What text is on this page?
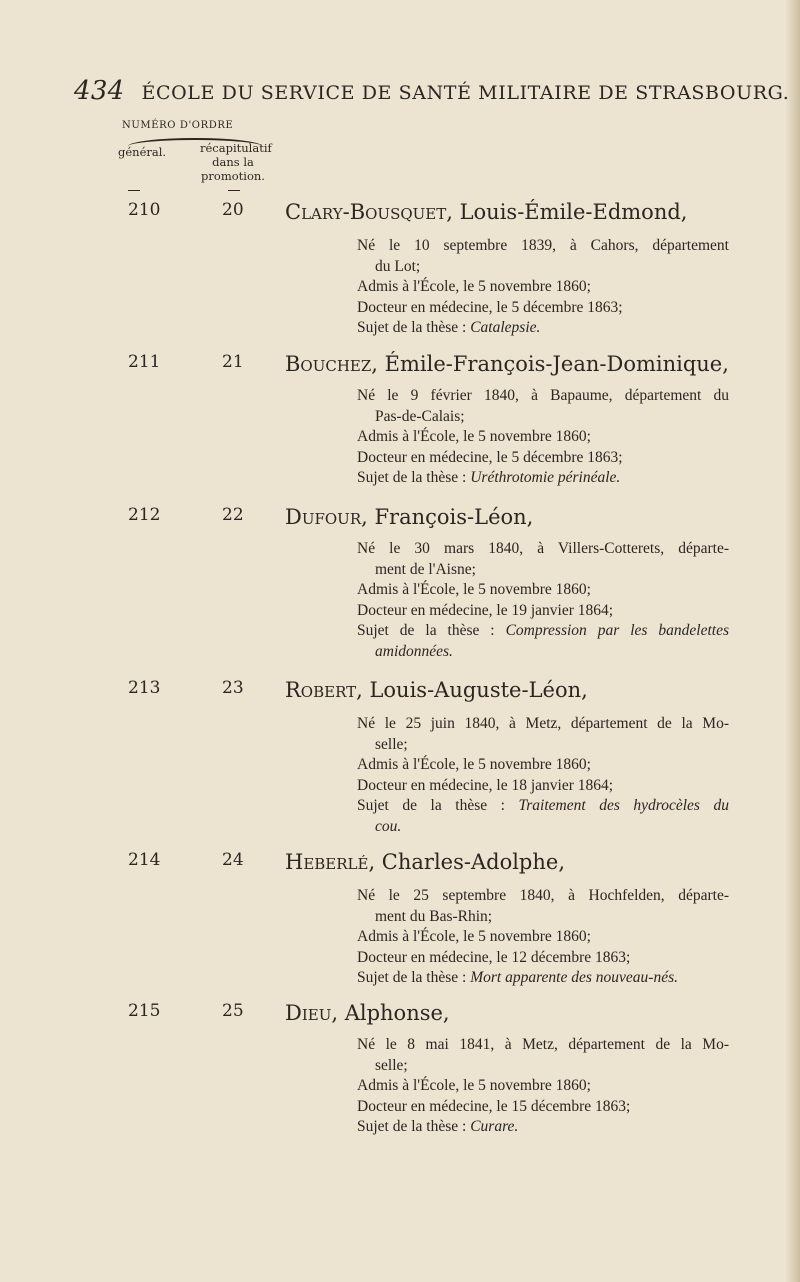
434 ÉCOLE DU SERVICE DE SANTÉ MILITAIRE DE STRASBOURG.
NUMÉRO D'ORDRE
général.	récapitulatif
dans la
promotion.
210	20 Clary-Bousquet, Louis-Émile-Edmond,
Né le 10 septembre 1839, à Cahors, département
du Lot;
Admis à l'École, le 5 novembre 1860;
Docteur en médecine, le 5 décembre 1863;
Sujet de la thèse : Catalepsie.
211	21 Bouchez, Émile-François-Jean-Dominique,
Né le 9 février 1840, à Bapaume, département du
Pas-de-Calais;
Admis à l'École, le 5 novembre 1860;
Docteur en médecine, le 5 décembre 1863;
Sujet de la thèse : Uréthrotomie périnéale.
212	22 Dufour, François-Léon,
Né le 30 mars 1840, à Villers-Cotterets, départe-
ment de l'Aisne;
Admis à l'École, le 5 novembre 1860;
Docteur en médecine, le 19 janvier 1864;
Sujet de la thèse : Compression par les bandelettes
amidonnées.
213	23 Robert, Louis-Auguste-Léon,
Né le 25 juin 1840, à Metz, département de la Mo-
selle;
Admis à l'École, le 5 novembre 1860;
Docteur en médecine, le 18 janvier 1864;
Sujet de la thèse : Traitement des hydrocèles du
cou.
214	24 Heberlé, Charles-Adolphe,
Né le 25 septembre 1840, à Hochfelden, départe-
ment du Bas-Rhin;
Admis à l'École, le 5 novembre 1860;
Docteur en médecine, le 12 décembre 1863;
Sujet de la thèse : Mort apparente des nouveau-nés.
215	25 Dieu, Alphonse,
Né le 8 mai 1841, à Metz, département de la Mo-
selle;
Admis à l'École, le 5 novembre 1860;
Docteur en médecine, le 15 décembre 1863;
Sujet de la thèse : Curare.
